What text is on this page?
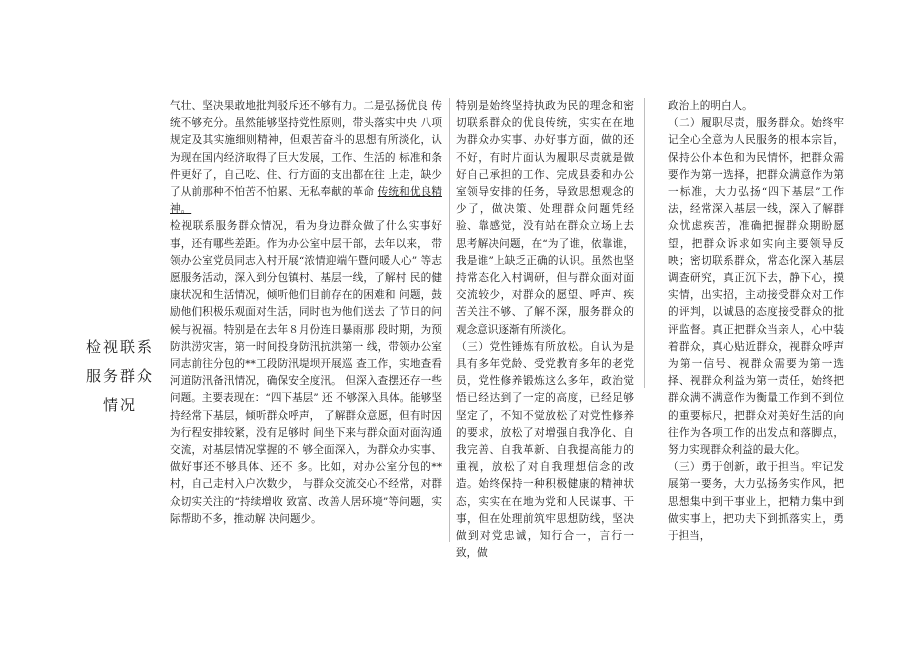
检视联系
服务群众
情况

气壮、坚决果敢地批判驳斥还不够有力。二是弘扬优良 传统不够充分。虽然能够坚持党性原则，带头落实中央 八项规定及其实施细则精神，但艰苦奋斗的思想有所淡化，认为现在国内经济取得了巨大发展，工作、生活的 标准和条件更好了，自己吃、住、行方面的支出都在往 上走，缺少了从前那种不怕苦不怕累、无私奉献的革命 传统和优良精神。

检视联系服务群众情况，看为身边群众做了什么实事好 事，还有哪些差距。作为办公室中层干部，去年以来， 带领办公室党员同志入村开展“浓情迎端午暨问暖人心” 等志愿服务活动，深入到分包镇村、基层一线，了解村 民的健康状况和生活情况，倾听他们目前存在的困难和 问题，鼓励他们积极乐观面对生活，同时也为他们送去 了节日的问候与祝福。特别是在去年８月份连日暴雨那 段时期，为预防洪涝灾害，第一时间投身防汛抗洪第一 线，带领办公室同志前往分包的**工段防汛堤坝开展巡 查工作，实地查看河道防汛备汛情况，确保安全度汛。 但深入查摆还存一些问题。主要表现在：“四下基层” 还 不够深入具体。能够坚持经常下基层，倾听群众呼声， 了解群众意愿，但有时因为行程安排较紧，没有足够时 间坐下来与群众面对面沟通交流，对基层情况掌握的不 够全面深入，为群众办实事、做好事还不够具体、还不 多。比如，对办公室分包的**村，自己走村入户次数少， 与群众交流交心不经常，对群众切实关注的“持续增收 致富、改善人居环境”等问题，实际帮助不多，推动解 决问题少。

特别是始终坚持执政为民的理念和密切联系群众的优良传统，实实在在地为群众办实事、办好事方面，做的还不好，有时片面认为履职尽责就是做好自己承担的工作、完成县委和办公室领导安排的任务，导致思想观念的少了，做决策、处理群众问题凭经验、靠感觉，没有站在群众立场上去思考解决问题，在“为了谁，依靠谁，我是谁”上缺乏正确的认识。虽然也坚持常态化入村调研，但与群众面对面交流较少，对群众的愿望、呼声、疾苦关注不够、了解不深，服务群众的观念意识逐渐有所淡化。

（三）党性锤炼有所放松。自认为是具有多年党龄、受党教育多年的老党员，党性修养锻炼这么多年，政治觉悟已经达到了一定的高度，已经足够坚定了，不知不觉放松了对党性修养的要求，放松了对增强自我净化、自我完善、自我革新、自我提高能力的重视，放松了对自我理想信念的改造。始终保持一种积极健康的精神状态，实实在在地为党和人民谋事、干事，但在处理前筑牢思想防线，坚决做到对党忠诚，知行合一，言行一致，做

政治上的明白人。

（二）履职尽责，服务群众。始终牢记全心全意为人民服务的根本宗旨，保持公仆本色和为民情怀，把群众需要作为第一选择，把群众满意作为第一标准，大力弘扬“四下基层”工作法，经常深入基层一线，深入了解群众忧虑疾苦，准确把握群众期盼愿望，把群众诉求如实向主要领导反映；密切联系群众，常态化深入基层调查研究，真正沉下去，静下心，摸实情，出实招，主动接受群众对工作的评判，以诚恳的态度接受群众的批评监督。真正把群众当亲人，心中装着群众，真心贴近群众，视群众呼声为第一信号、视群众需要为第一选择、视群众利益为第一责任，始终把群众满不满意作为衡量工作到不到位的重要标尺，把群众对美好生活的向往作为各项工作的出发点和落脚点，努力实现群众利益的最大化。

（三）勇于创新，敢于担当。牢记发展第一要务，大力弘扬务实作风，把思想集中到干事业上，把精力集中到做实事上，把功夫下到抓落实上，勇于担当，
